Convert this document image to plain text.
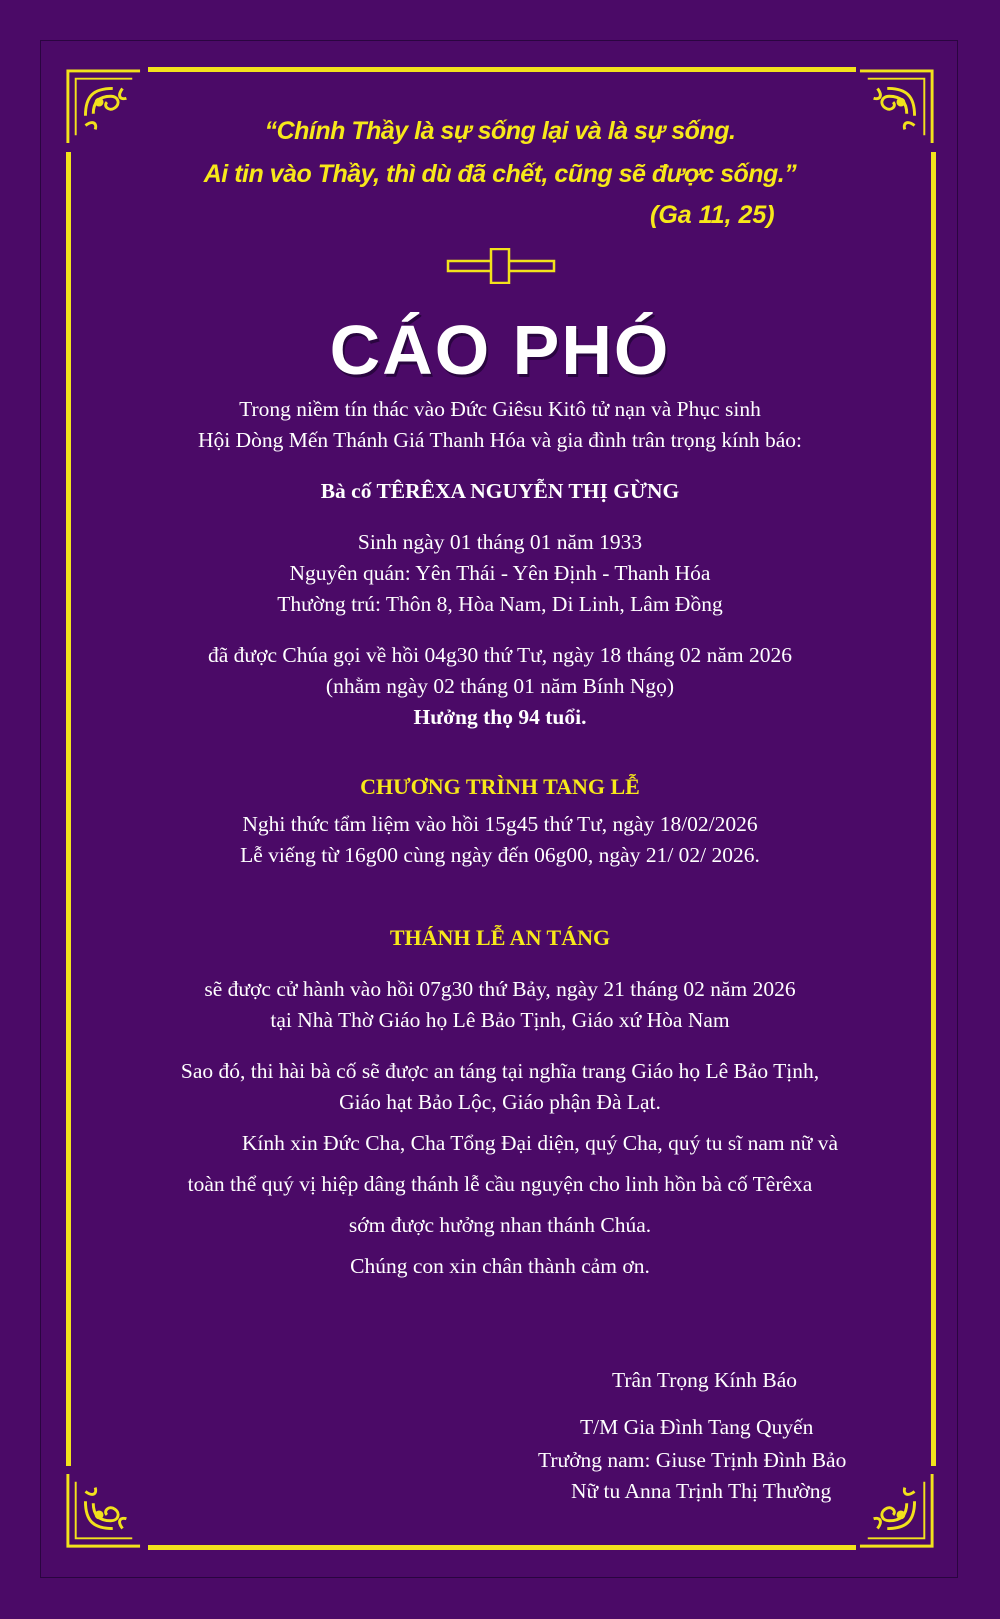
“Chính Thầy là sự sống lại và là sự sống.
Ai tin vào Thầy, thì dù đã chết, cũng sẽ được sống.”
(Ga 11, 25)
CÁO PHÓ
Trong niềm tín thác vào Đức Giêsu Kitô tử nạn và Phục sinh
Hội Dòng Mến Thánh Giá Thanh Hóa và gia đình trân trọng kính báo:
Bà cố TÊRÊXA NGUYỄN THỊ GỪNG
Sinh ngày 01 tháng 01 năm 1933
Nguyên quán: Yên Thái - Yên Định - Thanh Hóa
Thường trú: Thôn 8, Hòa Nam, Di Linh, Lâm Đồng
đã được Chúa gọi về hồi 04g30 thứ Tư, ngày 18 tháng 02 năm 2026
(nhằm ngày 02 tháng 01 năm Bính Ngọ)
Hưởng thọ 94 tuổi.
CHƯƠNG TRÌNH TANG LỄ
Nghi thức tẩm liệm vào hồi 15g45 thứ Tư, ngày 18/02/2026
Lễ viếng từ 16g00 cùng ngày đến 06g00, ngày 21/ 02/ 2026.
THÁNH LỄ AN TÁNG
sẽ được cử hành vào hồi 07g30 thứ Bảy, ngày 21 tháng 02 năm 2026
tại Nhà Thờ Giáo họ Lê Bảo Tịnh, Giáo xứ Hòa Nam
Sao đó, thi hài bà cố sẽ được an táng tại nghĩa trang Giáo họ Lê Bảo Tịnh,
Giáo hạt Bảo Lộc, Giáo phận Đà Lạt.
Kính xin Đức Cha, Cha Tổng Đại diện, quý Cha, quý tu sĩ nam nữ và
toàn thể quý vị hiệp dâng thánh lễ cầu nguyện cho linh hồn bà cố Têrêxa
sớm được hưởng nhan thánh Chúa.
Chúng con xin chân thành cảm ơn.
Trân Trọng Kính Báo
T/M Gia Đình Tang Quyến
Trưởng nam: Giuse Trịnh Đình Bảo
Nữ tu Anna Trịnh Thị Thường
